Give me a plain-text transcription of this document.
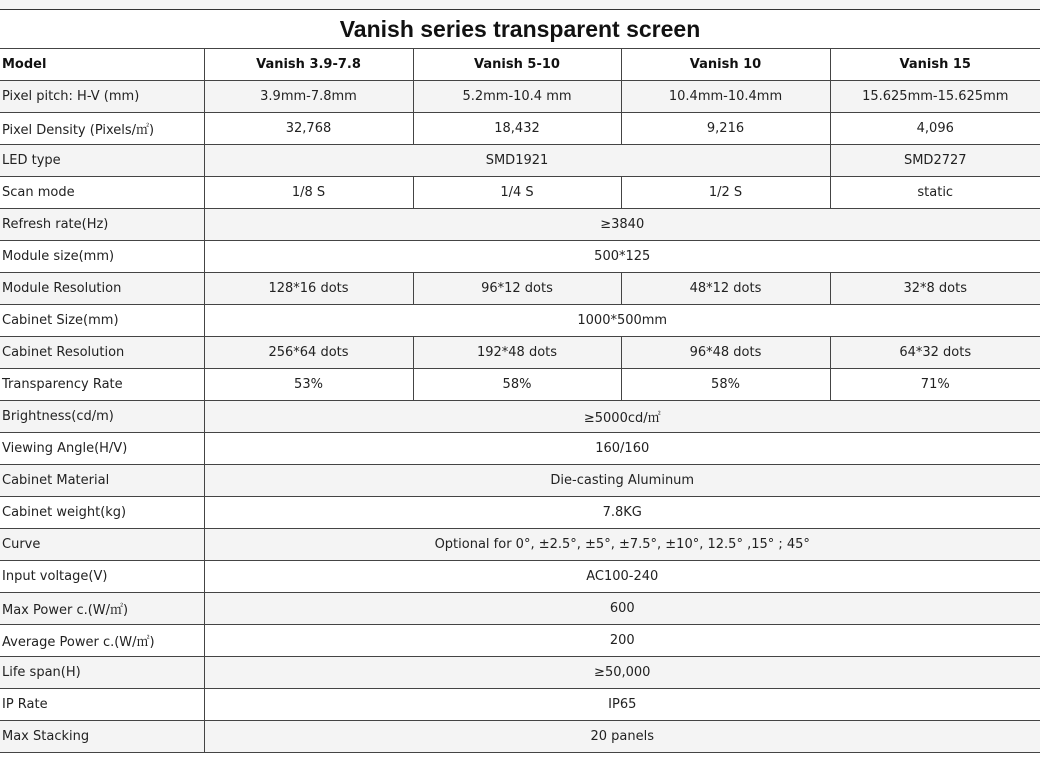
Vanish series transparent screen
Model	Vanish 3.9-7.8	Vanish 5-10	Vanish 10	Vanish 15
Pixel pitch: H-V (mm)	3.9mm-7.8mm	5.2mm-10.4 mm	10.4mm-10.4mm	15.625mm-15.625mm
Pixel Density (Pixels/㎡)	32,768	18,432	9,216	4,096
LED type	SMD1921			SMD2727
Scan mode	1/8 S	1/4 S	1/2 S	static
Refresh rate(Hz)	≥3840			
Module size(mm)	500*125			
Module Resolution	128*16 dots	96*12 dots	48*12 dots	32*8 dots
Cabinet Size(mm)	1000*500mm			
Cabinet Resolution	256*64 dots	192*48 dots	96*48 dots	64*32 dots
Transparency Rate	53%	58%	58%	71%
Brightness(cd/m)	≥5000cd/㎡			
Viewing Angle(H/V)	160/160			
Cabinet Material	Die-casting Aluminum			
Cabinet weight(kg)	7.8KG			
Curve	Optional for 0°, ±2.5°, ±5°, ±7.5°, ±10°, 12.5° ,15° ; 45°			
Input voltage(V)	AC100-240			
Max Power c.(W/㎡)	600			
Average Power c.(W/㎡)	200			
Life span(H)	≥50,000			
IP Rate	IP65			
Max Stacking	20 panels			
